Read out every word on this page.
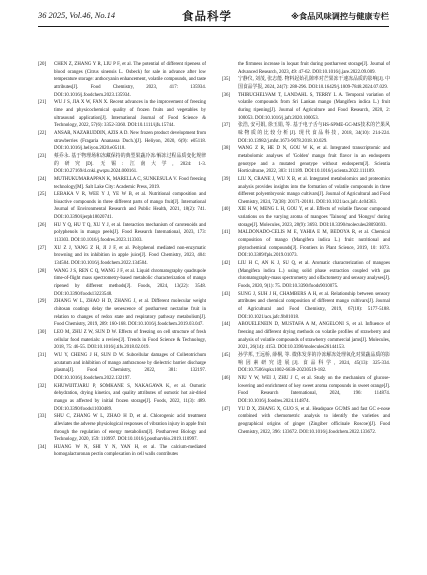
36 2025, Vol.46, No.14	食品科学	※食品风味调控与健康专栏
[20] CHEN Z, ZHANG Y R, LIU P F, et al. The potential of different ripeness of blood oranges (Citrus sinensis L. Osbeck) for sale in advance after low temperature storage: anthocyanin enhancement, volatile compounds, and taste attributes[J]. Food Chemistry, 2023, 417: 135934. DOI:10.1016/j.foodchem.2023.135934.
[21] WU J S, JIA X W, FAN X. Recent advances in the improvement of freezing time and physicochemical quality of frozen fruits and vegetables by ultrasound application[J]. International Journal of Food Science & Technology, 2022, 57(6): 3352-3360. DOI:10.1111/ijfs.15744.
[22] ANSAR, NAZARUDDIN, AZIS A D. New frozen product development from strawberries (Fragaria Ananassa Duch.)[J]. Heliyon, 2020, 6(9): e05118. DOI:10.1016/j.heliyon.2020.e05118.
[23] 蔡乔永. 基于物理场和冻藏保持的典型果蔬冷冻/解冻过程品质变化规律的研究[D]. 无锡: 江南大学, 2024: 1-3. DOI:10.27169/d.cnki.gwqzu.2024.000161.
[24] MUTHUKUMARAPPAN K, MARELLA C, SUNKESULA V. Food freezing technology[M]. Salt Lake City: Academic Press, 2019.
[25] LEBAKA V R, WEE Y J, YE W B, et al. Nutritional composition and bioactive compounds in three different parts of mango fruit[J]. International Journal of Environmental Research and Public Health, 2021, 18(2): 741. DOI:10.3390/ijerph18020741.
[26] HU Y Q, HU T Q, XU Y J, et al. Interaction mechanism of carotenoids and polyphenols in mango peels[J]. Food Research International, 2023, 173: 113303. DOI:10.1016/j.foodres.2023.113303.
[27] XU Z J, YANG Z H, JI J F, et al. Polyphenol mediated non-enzymatic browning and its inhibition in apple juice[J]. Food Chemistry, 2023, 404: 134504. DOI:10.1016/j.foodchem.2022.134504.
[28] WANG J S, REN C Q, WANG J F, et al. Liquid chromatography quadrupole time-of-flight mass spectrometry-based metabolic characterization of mango ripened by different methods[J]. Foods, 2024, 13(22): 3548. DOI:10.3390/foods13223548.
[29] ZHANG W L, ZHAO H D, ZHANG J, et al. Different molecular weight chitosan coatings delay the senescence of postharvest nectarine fruit in relation to changes of redox state and respiratory pathway metabolism[J]. Food Chemistry, 2019, 289: 160-168. DOI:10.1016/j.foodchem.2019.03.047.
[30] LEO M, ZHU Z W, SUN D W. Effects of freezing on cell structure of fresh cellular food materials: a review[J]. Trends in Food Science & Technology, 2018, 75: 46-55. DOI:10.1016/j.tifs.2018.02.019.
[31] WU Y, CHENG J H, SUN D W. Subcellular damages of Colletotrichum acutatum and inhibition of mango anthracnose by dielectric barrier discharge plasma[J]. Food Chemistry, 2022, 381: 132197. DOI:10.1016/j.foodchem.2022.132197.
[32] KHUWIJITJARU P, SOMKANE S, NAKAGAWA K, et al. Osmotic dehydration, drying kinetics, and quality attributes of osmotic hot air-dried mango as affected by initial frozen storage[J]. Foods, 2022, 11(3): 489. DOI:10.3390/foods11030489.
[33] SHU C, ZHANG W L, ZHAO H D, et al. Chlorogenic acid treatment alleviates the adverse physiological responses of vibration injury in apple fruit through the regulation of energy metabolism[J]. Postharvest Biology and Technology, 2020, 159: 110997. DOI:10.1016/j.postharvbio.2019.110997.
[34] HUANG W N, SHI Y N, YAN H, et al. The calcium-mediated homogalacturonan pectin complexation in cell walls contributes
the firmness increase in loquat fruit during postharvest storage[J]. Journal of Advanced Research, 2023, 49: 47-62. DOI:10.1016/j.jare.2022.09.009.
[35] 宁静仪, 刘茂, 张志能. 物料起始孔隙率对芒果冻干速冻品质的影响[J]. 中国食品学报, 2024, 24(7): 288-296. DOI:10.16429/j.1009-7848.2024.07.029.
[36] THIRUCHELVAM T, LANDAHL S, TERRY L A. Temporal variation of volatile compounds from Sri Lankan mango (Mangifera indica L.) fruit during ripening[J]. Journal of Agriculture and Food Research, 2020, 2: 100053. DOI:10.1016/j.jafr.2020.100053.
[37] 张浩, 安可娟, 徐玉娟, 等. 基于电子舌与HS-SPME-GC-MS技术的芒果风味物质的比较分析[J]. 现代食品科技, 2018, 34(10): 214-224. DOI:10.13982/j.mfst.1673-9078.2018.10.029.
[38] WANG Z R, HE D N, GOU W K, et al. Integrated transcriptomic and metabolomic analyses of 'Golden' mango fruit flavor in an endosperm genotype and a mutated genotype without endosperm[J]. Scientia Horticulturae, 2022, 303: 111189. DOI:10.1016/j.scienta.2022.111189.
[39] LIU X, CRANE J, WU X B, et al. Integrated metabolomics and proteomics analysis provides insights into the formation of volatile compounds in three different polyembryonic mango cultivars[J]. Journal of Agricultural and Food Chemistry, 2024, 72(38): 20171-20181. DOI:10.1021/acs.jafc.4c04363.
[40] XIE H W, MENG L H, GOU Y, et al. Effects of volatile flavour compound variations on the varying aroma of mangoes 'Tainong' and 'Hongyu' during storage[J]. Molecules, 2023, 28(9): 3693. DOI:10.3390/molecules28093693.
[41] MALDONADO-CELIS M E, YAHIA E M, BEDOYA R, et al. Chemical composition of mango (Mangifera indica L.) fruit: nutritional and phytochemical compounds[J]. Frontiers in Plant Science, 2019, 10: 1073. DOI:10.3389/fpls.2019.01073.
[42] LIU H C, AN K J, SU Q, et al. Aromatic characterization of mangoes (Mangifera indica L.) using solid phase extraction coupled with gas chromatography-mass spectrometry and olfactometry and sensory analyses[J]. Foods, 2020, 9(1): 75. DOI:10.3390/foods9010075.
[43] SUNG J, SUH J H, CHAMBERS A H, et al. Relationship between sensory attributes and chemical composition of different mango cultivars[J]. Journal of Agricultural and Food Chemistry, 2019, 67(18): 5177-5188. DOI:10.1021/acs.jafc.9b01018.
[44] ABOUELENEIN D, MUSTAFA A M, ANGELONI S, et al. Influence of freezing and different drying methods on volatile profiles of strawberry and analysis of volatile compounds of strawberry commercial jams[J]. Molecules, 2021, 26(14): 4153. DOI:10.3390/molecules26144153.
[45] 孙学邦, 王远桥, 薛桐, 等. 微体发芽的冷冻解冻处理氧化对果蔬品质的影响因素研究进展[J]. 食品科学, 2024, 45(13): 325-334. DOI:10.7506/spkx1002-6630-20230519-182.
[46] NIU Y W, WEI J, ZHU J C, et al. Study on the mechanism of glucose-lowering and enrichment of key sweet aroma compounds in sweet orange[J]. Food Research International, 2024, 196: 114874. DOI:10.1016/j.foodres.2024.114874.
[47] YU D X, ZHANG X, GUO S, et al. Headspace GC/MS and fast GC e-nose combined with chemometric analysis to identify the varieties and geographical origins of ginger (Zingiber officinale Roscoe)[J]. Food Chemistry, 2022, 396: 133672. DOI:10.1016/j.foodchem.2022.133672.
